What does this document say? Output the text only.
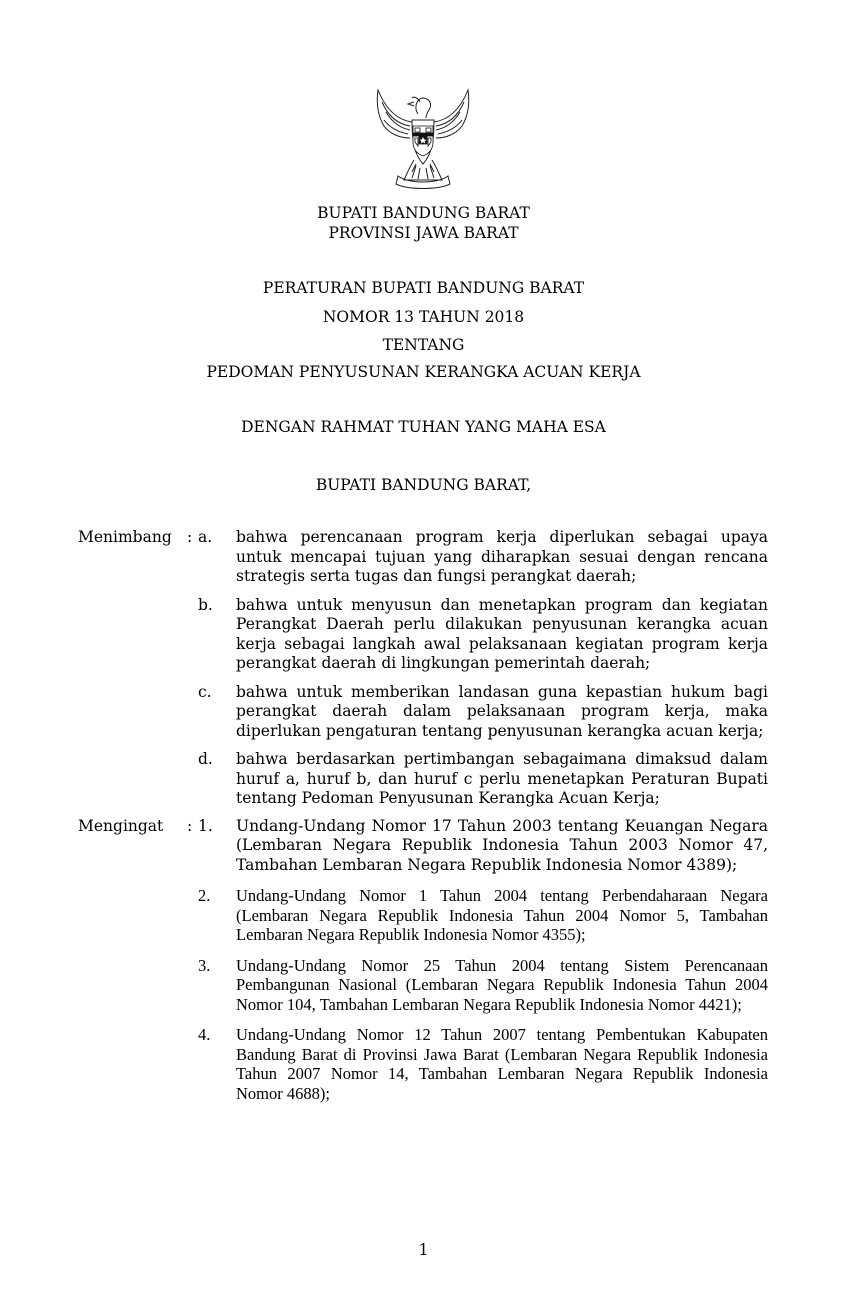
BUPATI BANDUNG BARAT
PROVINSI JAWA BARAT
PERATURAN BUPATI BANDUNG BARAT
NOMOR 13 TAHUN 2018
TENTANG
PEDOMAN PENYUSUNAN KERANGKA ACUAN KERJA
DENGAN RAHMAT TUHAN YANG MAHA ESA
BUPATI BANDUNG BARAT,
Menimbang : a. bahwa perencanaan program kerja diperlukan sebagai upaya untuk mencapai tujuan yang diharapkan sesuai dengan rencana strategis serta tugas dan fungsi perangkat daerah;
b. bahwa untuk menyusun dan menetapkan program dan kegiatan Perangkat Daerah perlu dilakukan penyusunan kerangka acuan kerja sebagai langkah awal pelaksanaan kegiatan program kerja perangkat daerah di lingkungan pemerintah daerah;
c. bahwa untuk memberikan landasan guna kepastian hukum bagi perangkat daerah dalam pelaksanaan program kerja, maka diperlukan pengaturan tentang penyusunan kerangka acuan kerja;
d. bahwa berdasarkan pertimbangan sebagaimana dimaksud dalam huruf a, huruf b, dan huruf c perlu menetapkan Peraturan Bupati tentang Pedoman Penyusunan Kerangka Acuan Kerja;
Mengingat	: 1. Undang-Undang Nomor 17 Tahun 2003 tentang Keuangan Negara (Lembaran Negara Republik Indonesia Tahun 2003 Nomor 47, Tambahan Lembaran Negara Republik Indonesia Nomor 4389);
2. Undang-Undang Nomor 1 Tahun 2004 tentang Perbendaharaan Negara (Lembaran Negara Republik Indonesia Tahun 2004 Nomor 5, Tambahan Lembaran Negara Republik Indonesia Nomor 4355);
3. Undang-Undang Nomor 25 Tahun 2004 tentang Sistem Perencanaan Pembangunan Nasional (Lembaran Negara Republik Indonesia Tahun 2004 Nomor 104, Tambahan Lembaran Negara Republik Indonesia Nomor 4421);
4. Undang-Undang Nomor 12 Tahun 2007 tentang Pembentukan Kabupaten Bandung Barat di Provinsi Jawa Barat (Lembaran Negara Republik Indonesia Tahun 2007 Nomor 14, Tambahan Lembaran Negara Republik Indonesia Nomor 4688);
1
